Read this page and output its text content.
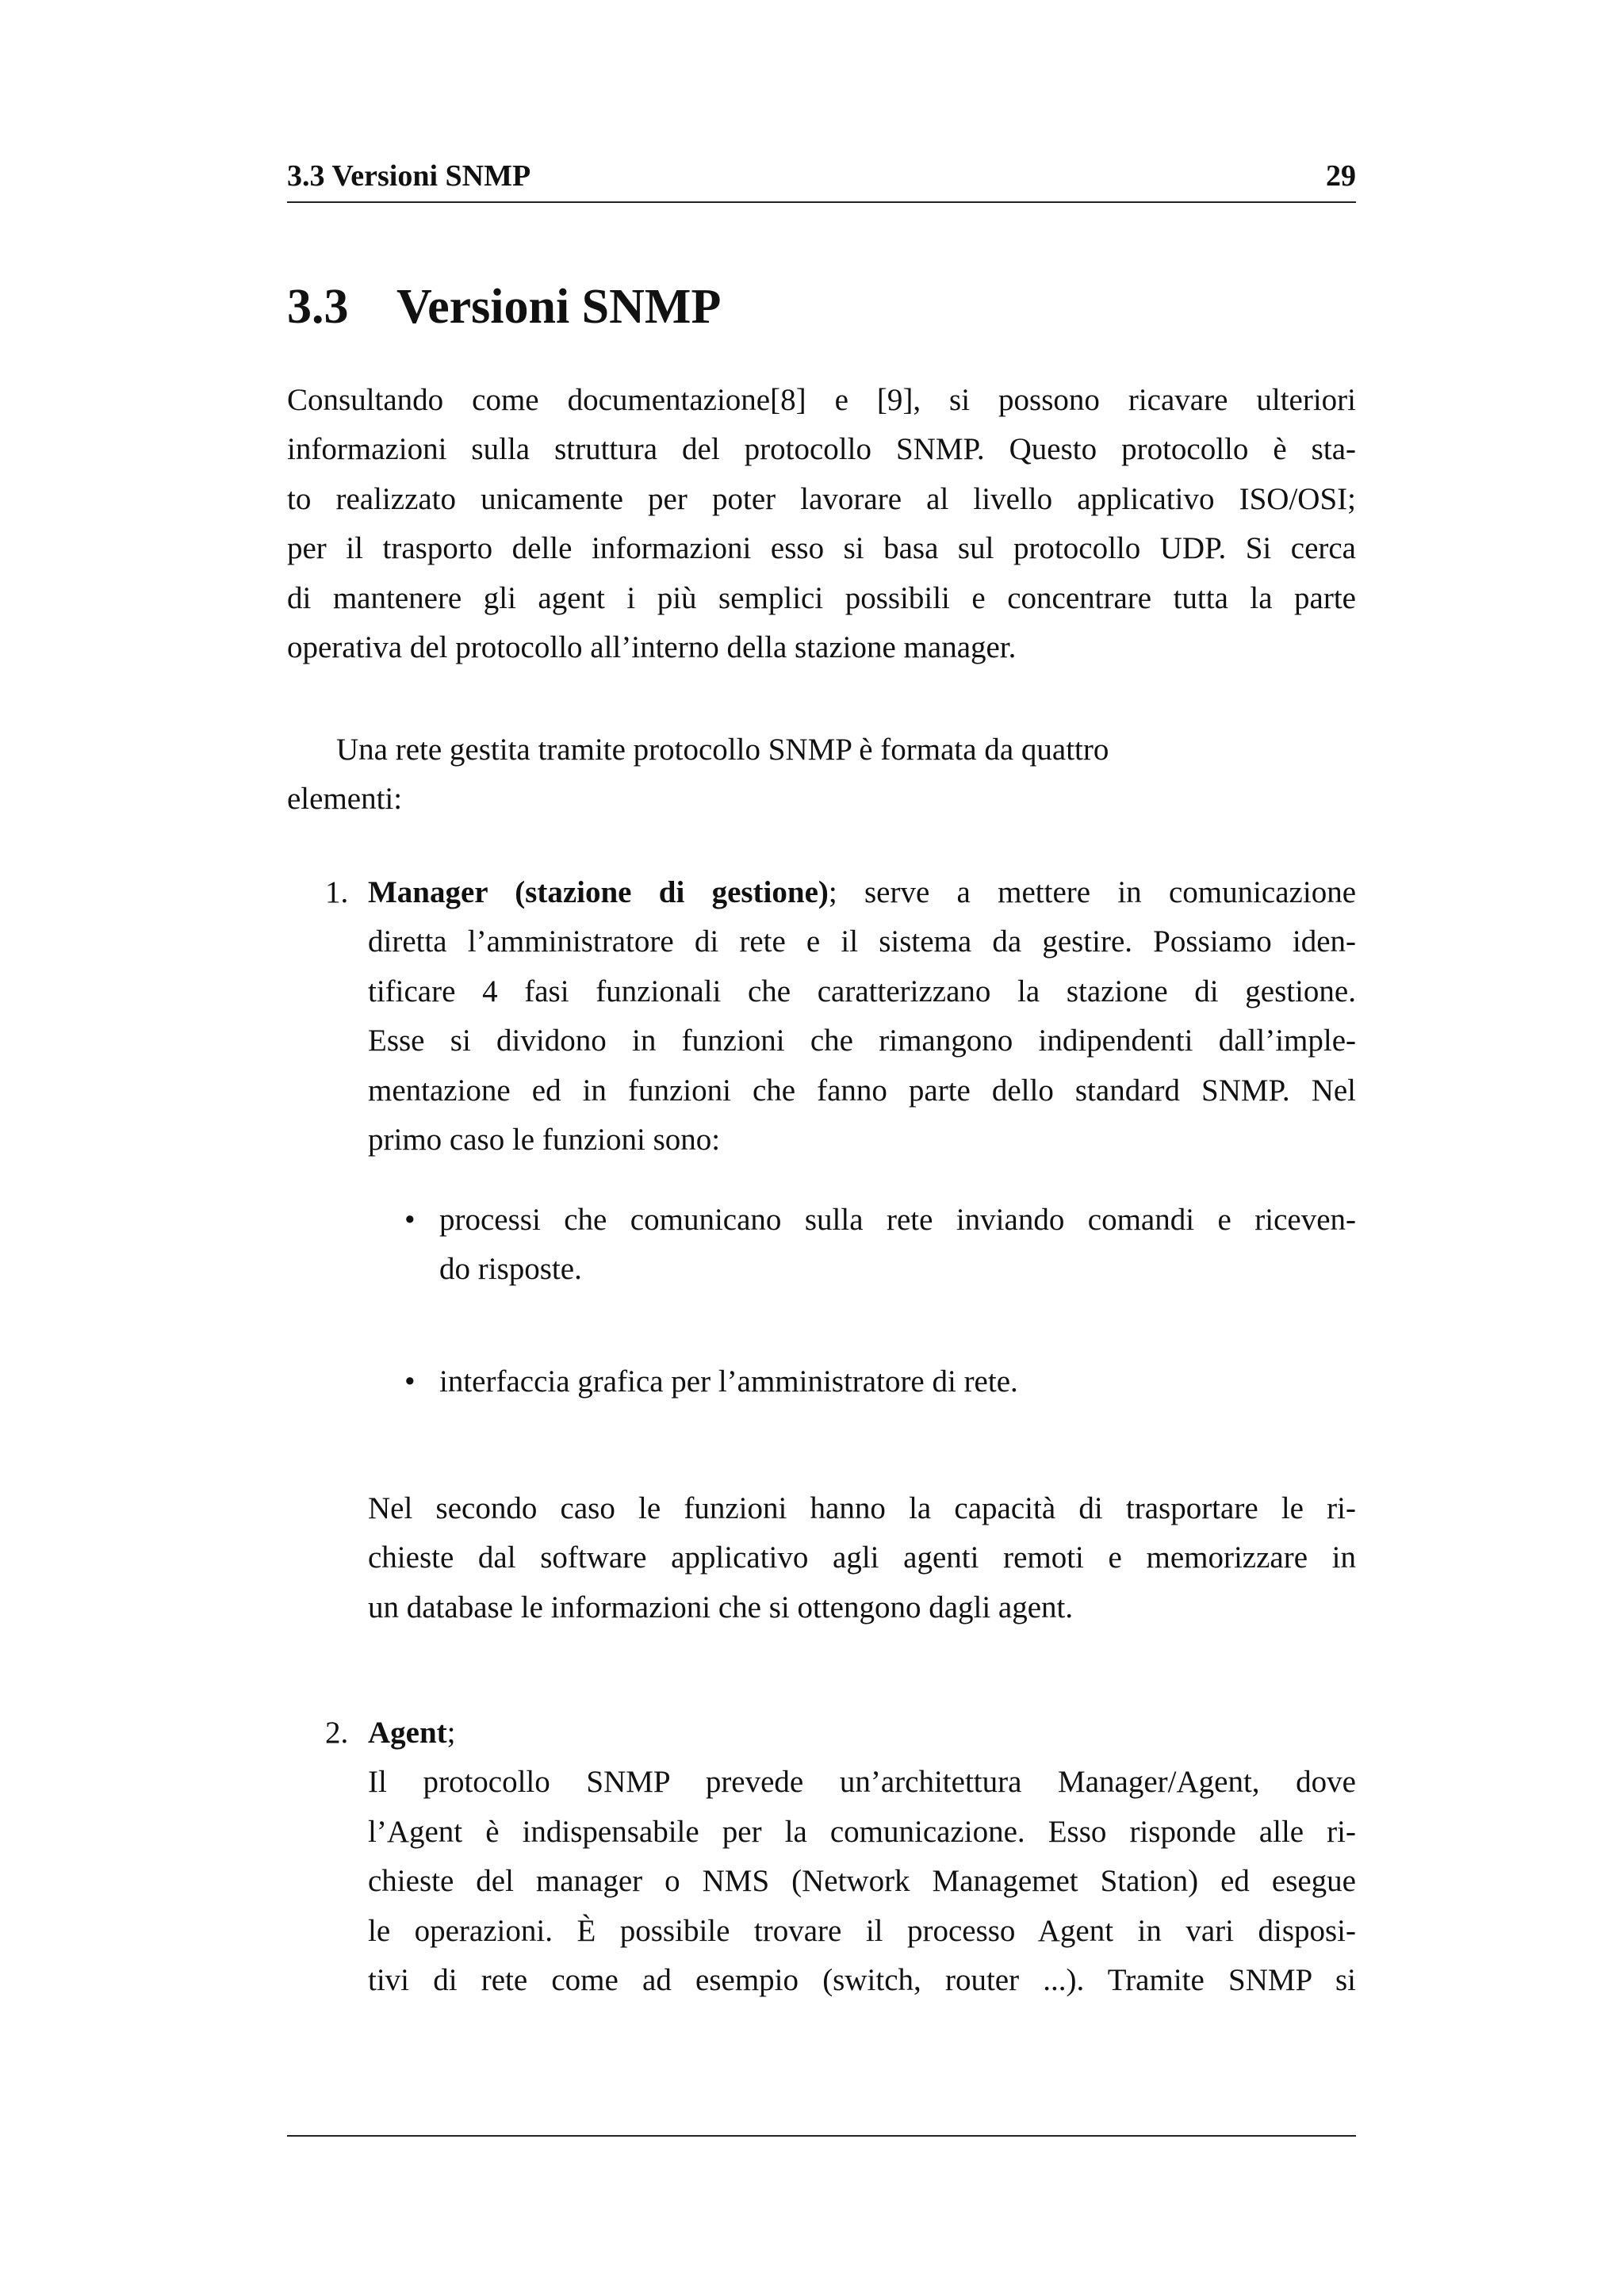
3.3 Versioni SNMP	29
3.3 Versioni SNMP
Consultando come documentazione[8] e [9], si possono ricavare ulteriori
informazioni sulla struttura del protocollo SNMP. Questo protocollo è sta-
to realizzato unicamente per poter lavorare al livello applicativo ISO/OSI;
per il trasporto delle informazioni esso si basa sul protocollo UDP. Si cerca
di mantenere gli agent i più semplici possibili e concentrare tutta la parte
operativa del protocollo all’interno della stazione manager.
Una rete gestita tramite protocollo SNMP è formata da quattro
elementi:
1. Manager (stazione di gestione); serve a mettere in comunicazione
diretta l’amministratore di rete e il sistema da gestire. Possiamo iden-
tificare 4 fasi funzionali che caratterizzano la stazione di gestione.
Esse si dividono in funzioni che rimangono indipendenti dall’imple-
mentazione ed in funzioni che fanno parte dello standard SNMP. Nel
primo caso le funzioni sono:
• processi che comunicano sulla rete inviando comandi e riceven-
do risposte.
• interfaccia grafica per l’amministratore di rete.
Nel secondo caso le funzioni hanno la capacità di trasportare le ri-
chieste dal software applicativo agli agenti remoti e memorizzare in
un database le informazioni che si ottengono dagli agent.
2. Agent;
Il protocollo SNMP prevede un’architettura Manager/Agent, dove
l’Agent è indispensabile per la comunicazione. Esso risponde alle ri-
chieste del manager o NMS (Network Managemet Station) ed esegue
le operazioni. È possibile trovare il processo Agent in vari disposi-
tivi di rete come ad esempio (switch, router ...). Tramite SNMP si
